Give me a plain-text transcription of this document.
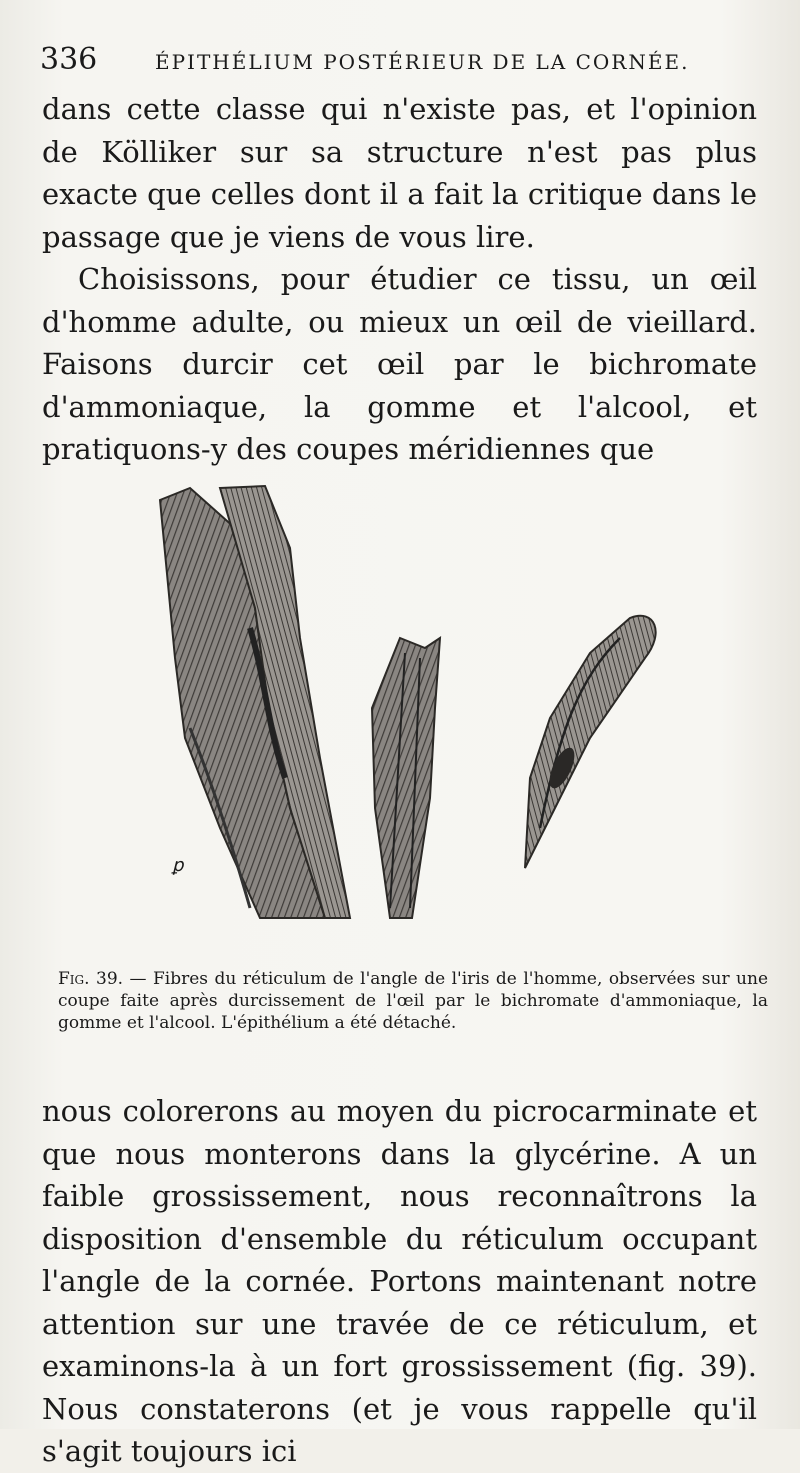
336	ÉPITHÉLIUM POSTÉRIEUR DE LA CORNÉE.

dans cette classe qui n'existe pas, et l'opinion de Kölliker sur sa structure n'est pas plus exacte que celles dont il a fait la critique dans le passage que je viens de vous lire.

Choisissons, pour étudier ce tissu, un œil d'homme adulte, ou mieux un œil de vieillard. Faisons durcir cet œil par le bichromate d'ammoniaque, la gomme et l'alcool, et pratiquons-y des coupes méridiennes que

ꝑ
Fig. 39. — Fibres du réticulum de l'angle de l'iris de l'homme, observées sur une coupe faite après durcissement de l'œil par le bichromate d'ammoniaque, la gomme et l'alcool. L'épithélium a été détaché.

nous colorerons au moyen du picrocarminate et que nous monterons dans la glycérine. A un faible grossissement, nous reconnaîtrons la disposition d'ensemble du réticulum occupant l'angle de la cornée. Portons maintenant notre attention sur une travée de ce réticulum, et examinons-la à un fort grossissement (fig. 39). Nous constaterons (et je vous rappelle qu'il s'agit toujours ici
